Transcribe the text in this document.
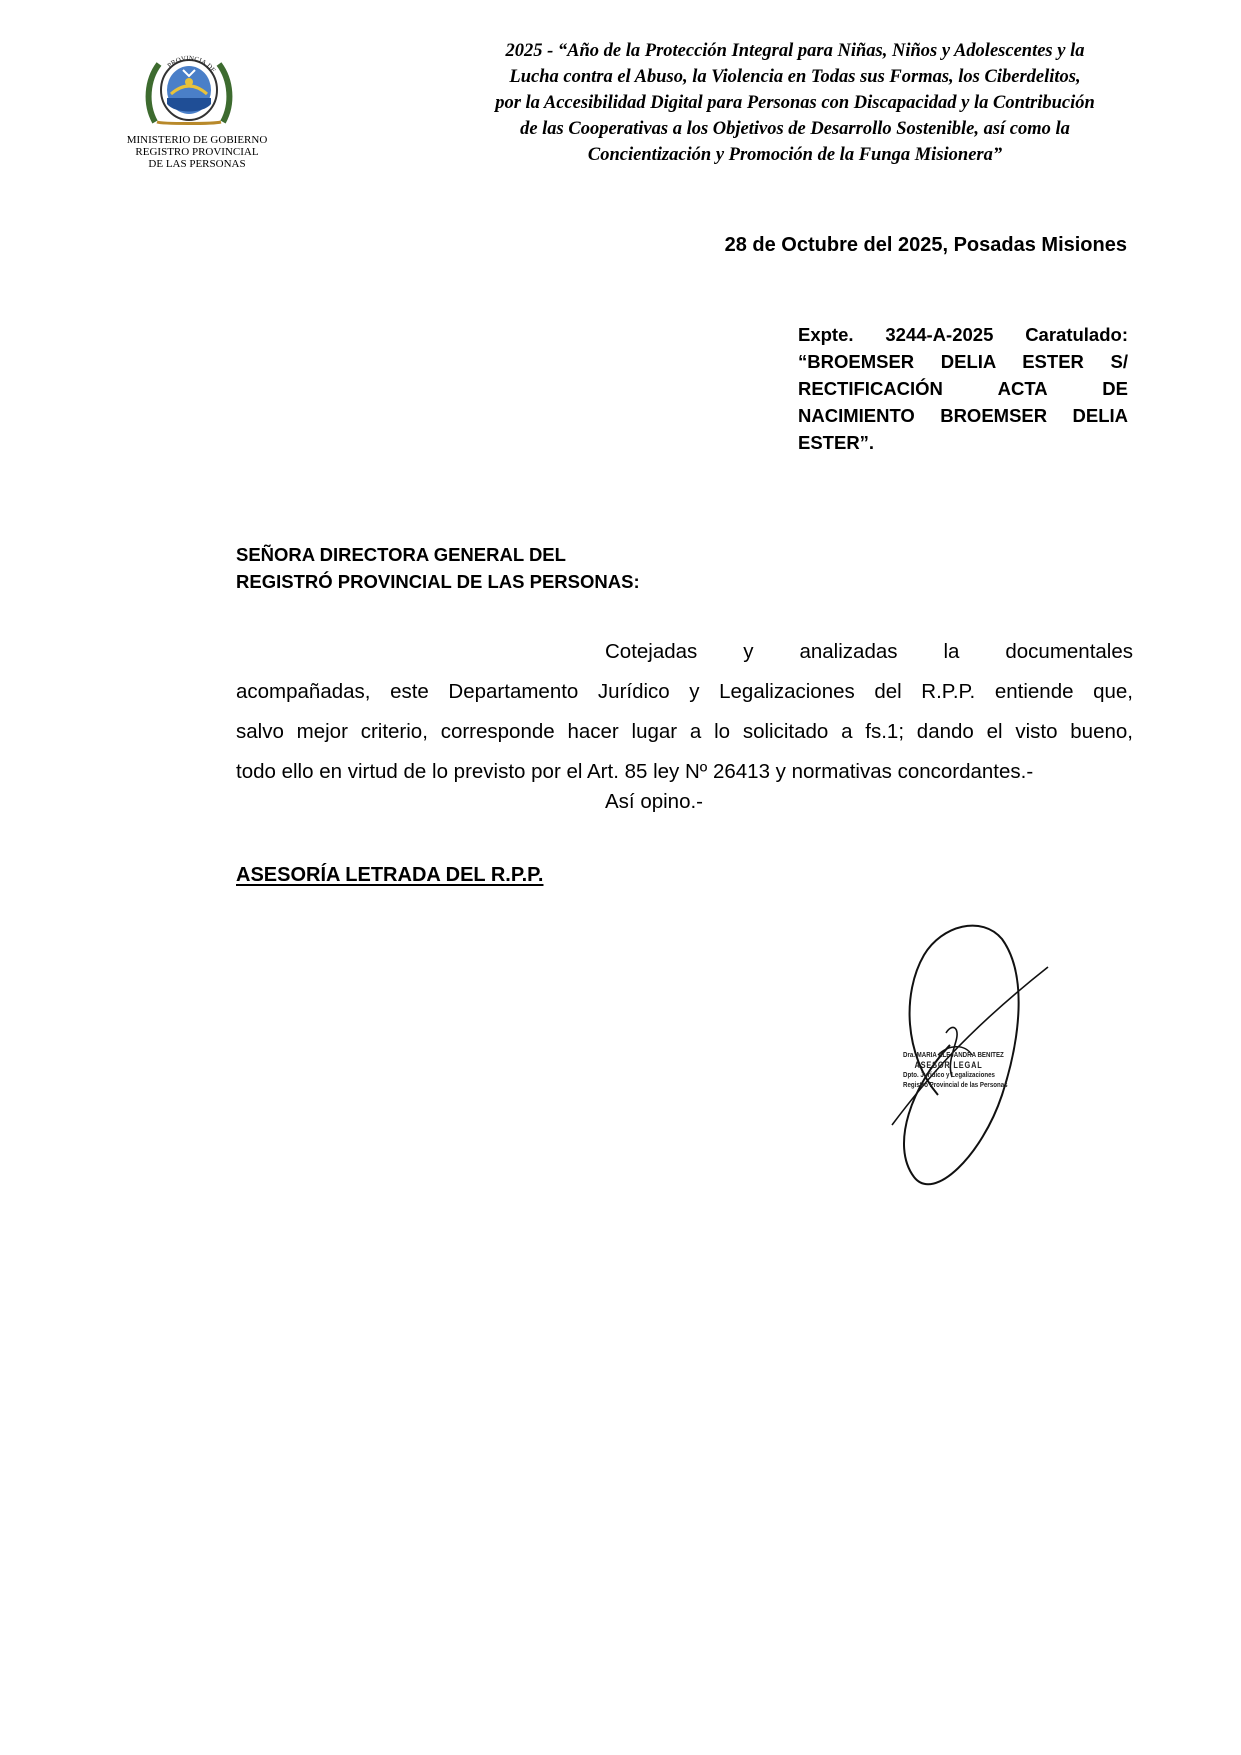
PROVINCIA DE
MINISTERIO DE GOBIERNO
REGISTRO PROVINCIAL
DE LAS PERSONAS
2025 - “Año de la Protección Integral para Niñas, Niños y Adolescentes y la
Lucha contra el Abuso, la Violencia en Todas sus Formas, los Ciberdelitos,
por la Accesibilidad Digital para Personas con Discapacidad y la Contribución
de las Cooperativas a los Objetivos de Desarrollo Sostenible, así como la
Concientización y Promoción de la Funga Misionera”
28 de Octubre del 2025, Posadas Misiones
Expte. 3244-A-2025 Caratulado:
“BROEMSER DELIA ESTER S/
RECTIFICACIÓN ACTA DE
NACIMIENTO BROEMSER DELIA
ESTER”.
SEÑORA DIRECTORA GENERAL DEL
REGISTRÓ PROVINCIAL DE LAS PERSONAS:
Cotejadas y analizadas la documentales
acompañadas, este Departamento Jurídico y Legalizaciones del R.P.P. entiende que,
salvo mejor criterio, corresponde hacer lugar a lo solicitado a fs.1; dando el visto bueno,
todo ello en virtud de lo previsto por el Art. 85 ley Nº 26413 y normativas concordantes.-
Así opino.-
ASESORÍA LETRADA DEL R.P.P.
Dra. MARIA ALEJANDRA BENITEZ
ASESOR LEGAL
Dpto. Jurídico y Legalizaciones
Registro Provincial de las Personas
